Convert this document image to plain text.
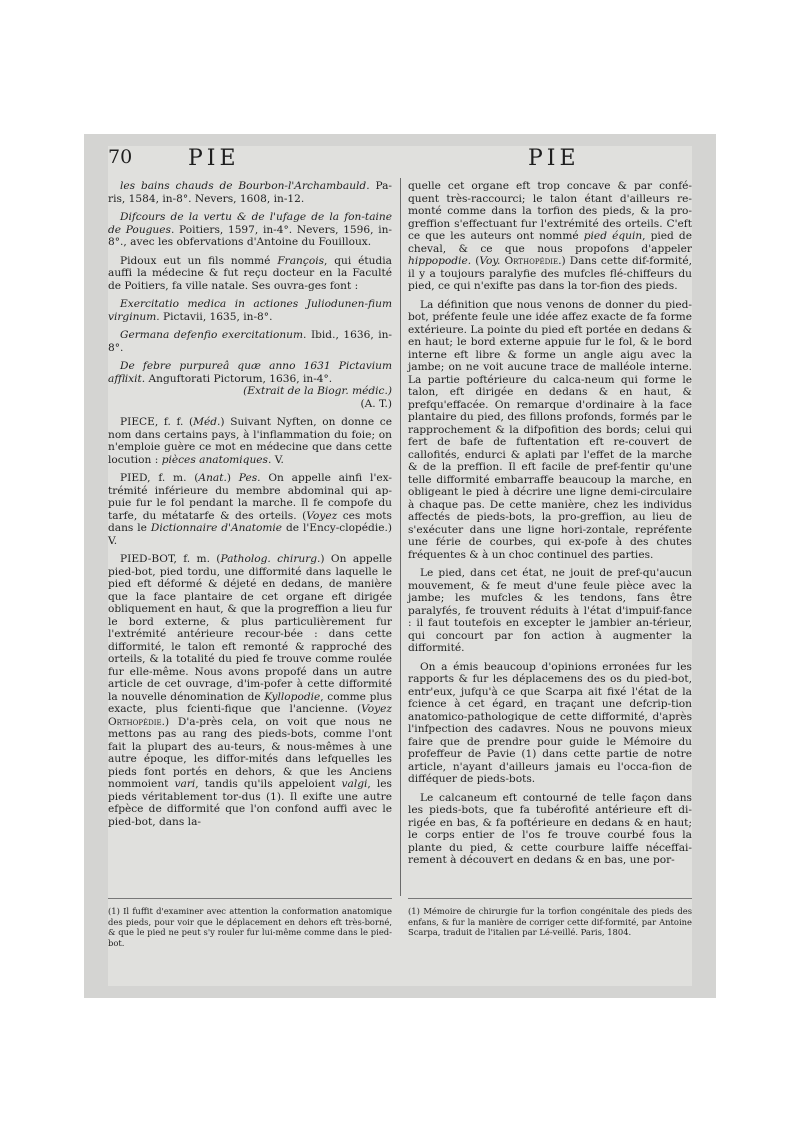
70	PIE	PIE

les bains chauds de Bourbon-l'Archambauld. Pa-ris, 1584, in-8°. Nevers, 1608, in-12.

Difcours de la vertu & de l'ufage de la fon-taine de Pougues. Poitiers, 1597, in-4°. Nevers, 1596, in-8°., avec les obfervations d'Antoine du Fouilloux.

Pidoux eut un fils nommé François, qui étudia auffi la médecine & fut reçu docteur en la Faculté de Poitiers, fa ville natale. Ses ouvra-ges font :

Exercitatio medica in actiones Juliodunen-fium virginum. Pictavii, 1635, in-8°.

Germana defenfio exercitationum. Ibid., 1636, in-8°.

De febre purpureâ quæ anno 1631 Pictavium afflixit. Anguftorati Pictorum, 1636, in-4°.

(Extrait de la Biogr. médic.)

(A. T.)

PIECE, f. f. (Méd.) Suivant Nyften, on donne ce nom dans certains pays, à l'inflammation du foie; on n'emploie guère ce mot en médecine que dans cette locution : pièces anatomiques. V.

PIED, f. m. (Anat.) Pes. On appelle ainfi l'ex-trémité inférieure du membre abdominal qui ap-puie fur le fol pendant la marche. Il fe compofe du tarfe, du métatarfe & des orteils. (Voyez ces mots dans le Dictionnaire d'Anatomie de l'Ency-clopédie.) V.

PIED-BOT, f. m. (Patholog. chirurg.) On appelle pied-bot, pied tordu, une difformité dans laquelle le pied eft déformé & déjeté en dedans, de manière que la face plantaire de cet organe eft dirigée obliquement en haut, & que la progreffion a lieu fur le bord externe, & plus particulièrement fur l'extrémité antérieure recour-bée : dans cette difformité, le talon eft remonté & rapproché des orteils, & la totalité du pied fe trouve comme roulée fur elle-même. Nous avons propofé dans un autre article de cet ouvrage, d'im-pofer à cette difformité la nouvelle dénomination de Kyllopodie, comme plus exacte, plus fcienti-fique que l'ancienne. (Voyez Orthopédie.) D'a-près cela, on voit que nous ne mettons pas au rang des pieds-bots, comme l'ont fait la plupart des au-teurs, & nous-mêmes à une autre époque, les diffor-mités dans lefquelles les pieds font portés en dehors, & que les Anciens nommoient vari, tandis qu'ils appeloient valgi, les pieds véritablement tor-dus (1). Il exifte une autre efpèce de difformité que l'on confond auffi avec le pied-bot, dans la-

quelle cet organe eft trop concave & par confé-quent très-raccourci; le talon étant d'ailleurs re-monté comme dans la torfion des pieds, & la pro-greffion s'effectuant fur l'extrémité des orteils. C'eft ce que les auteurs ont nommé pied équin, pied de cheval, & ce que nous propofons d'appeler hippopodie. (Voy. Orthopédie.) Dans cette dif-formité, il y a toujours paralyfie des mufcles flé-chiffeurs du pied, ce qui n'exifte pas dans la tor-fion des pieds.

La définition que nous venons de donner du pied-bot, préfente feule une idée affez exacte de fa forme extérieure. La pointe du pied eft portée en dedans & en haut; le bord externe appuie fur le fol, & le bord interne eft libre & forme un angle aigu avec la jambe; on ne voit aucune trace de malléole interne. La partie poftérieure du calca-neum qui forme le talon, eft dirigée en dedans & en haut, & prefqu'effacée. On remarque d'ordinaire à la face plantaire du pied, des fillons profonds, formés par le rapprochement & la difpofition des bords; celui qui fert de bafe de fuftentation eft re-couvert de callofités, endurci & aplati par l'effet de la marche & de la preffion. Il eft facile de pref-fentir qu'une telle difformité embarraffe beaucoup la marche, en obligeant le pied à décrire une ligne demi-circulaire à chaque pas. De cette manière, chez les individus affectés de pieds-bots, la pro-greffion, au lieu de s'exécuter dans une ligne hori-zontale, repréfente une férie de courbes, qui ex-pofe à des chutes fréquentes & à un choc continuel des parties.

Le pied, dans cet état, ne jouit de pref-qu'aucun mouvement, & fe meut d'une feule pièce avec la jambe; les mufcles & les tendons, fans être paralyfés, fe trouvent réduits à l'état d'impuif-fance : il faut toutefois en excepter le jambier an-térieur, qui concourt par fon action à augmenter la difformité.

On a émis beaucoup d'opinions erronées fur les rapports & fur les déplacemens des os du pied-bot, entr'eux, jufqu'à ce que Scarpa ait fixé l'état de la fcience à cet égard, en traçant une defcrip-tion anatomico-pathologique de cette difformité, d'après l'infpection des cadavres. Nous ne pouvons mieux faire que de prendre pour guide le Mémoire du profeffeur de Pavie (1) dans cette partie de notre article, n'ayant d'ailleurs jamais eu l'occa-fion de difféquer de pieds-bots.

Le calcaneum eft contourné de telle façon dans les pieds-bots, que fa tubérofité antérieure eft di-rigée en bas, & fa poftérieure en dedans & en haut; le corps entier de l'os fe trouve courbé fous la plante du pied, & cette courbure laiffe néceffai-rement à découvert en dedans & en bas, une por-

(1) Il fuffit d'examiner avec attention la conformation anatomique des pieds, pour voir que le déplacement en dehors eft très-borné, & que le pied ne peut s'y rouler fur lui-même comme dans le pied-bot.
(1) Mémoire de chirurgie fur la torfion congénitale des pieds des enfans, & fur la manière de corriger cette dif-formité, par Antoine Scarpa, traduit de l'italien par Lé-veillé. Paris, 1804.
